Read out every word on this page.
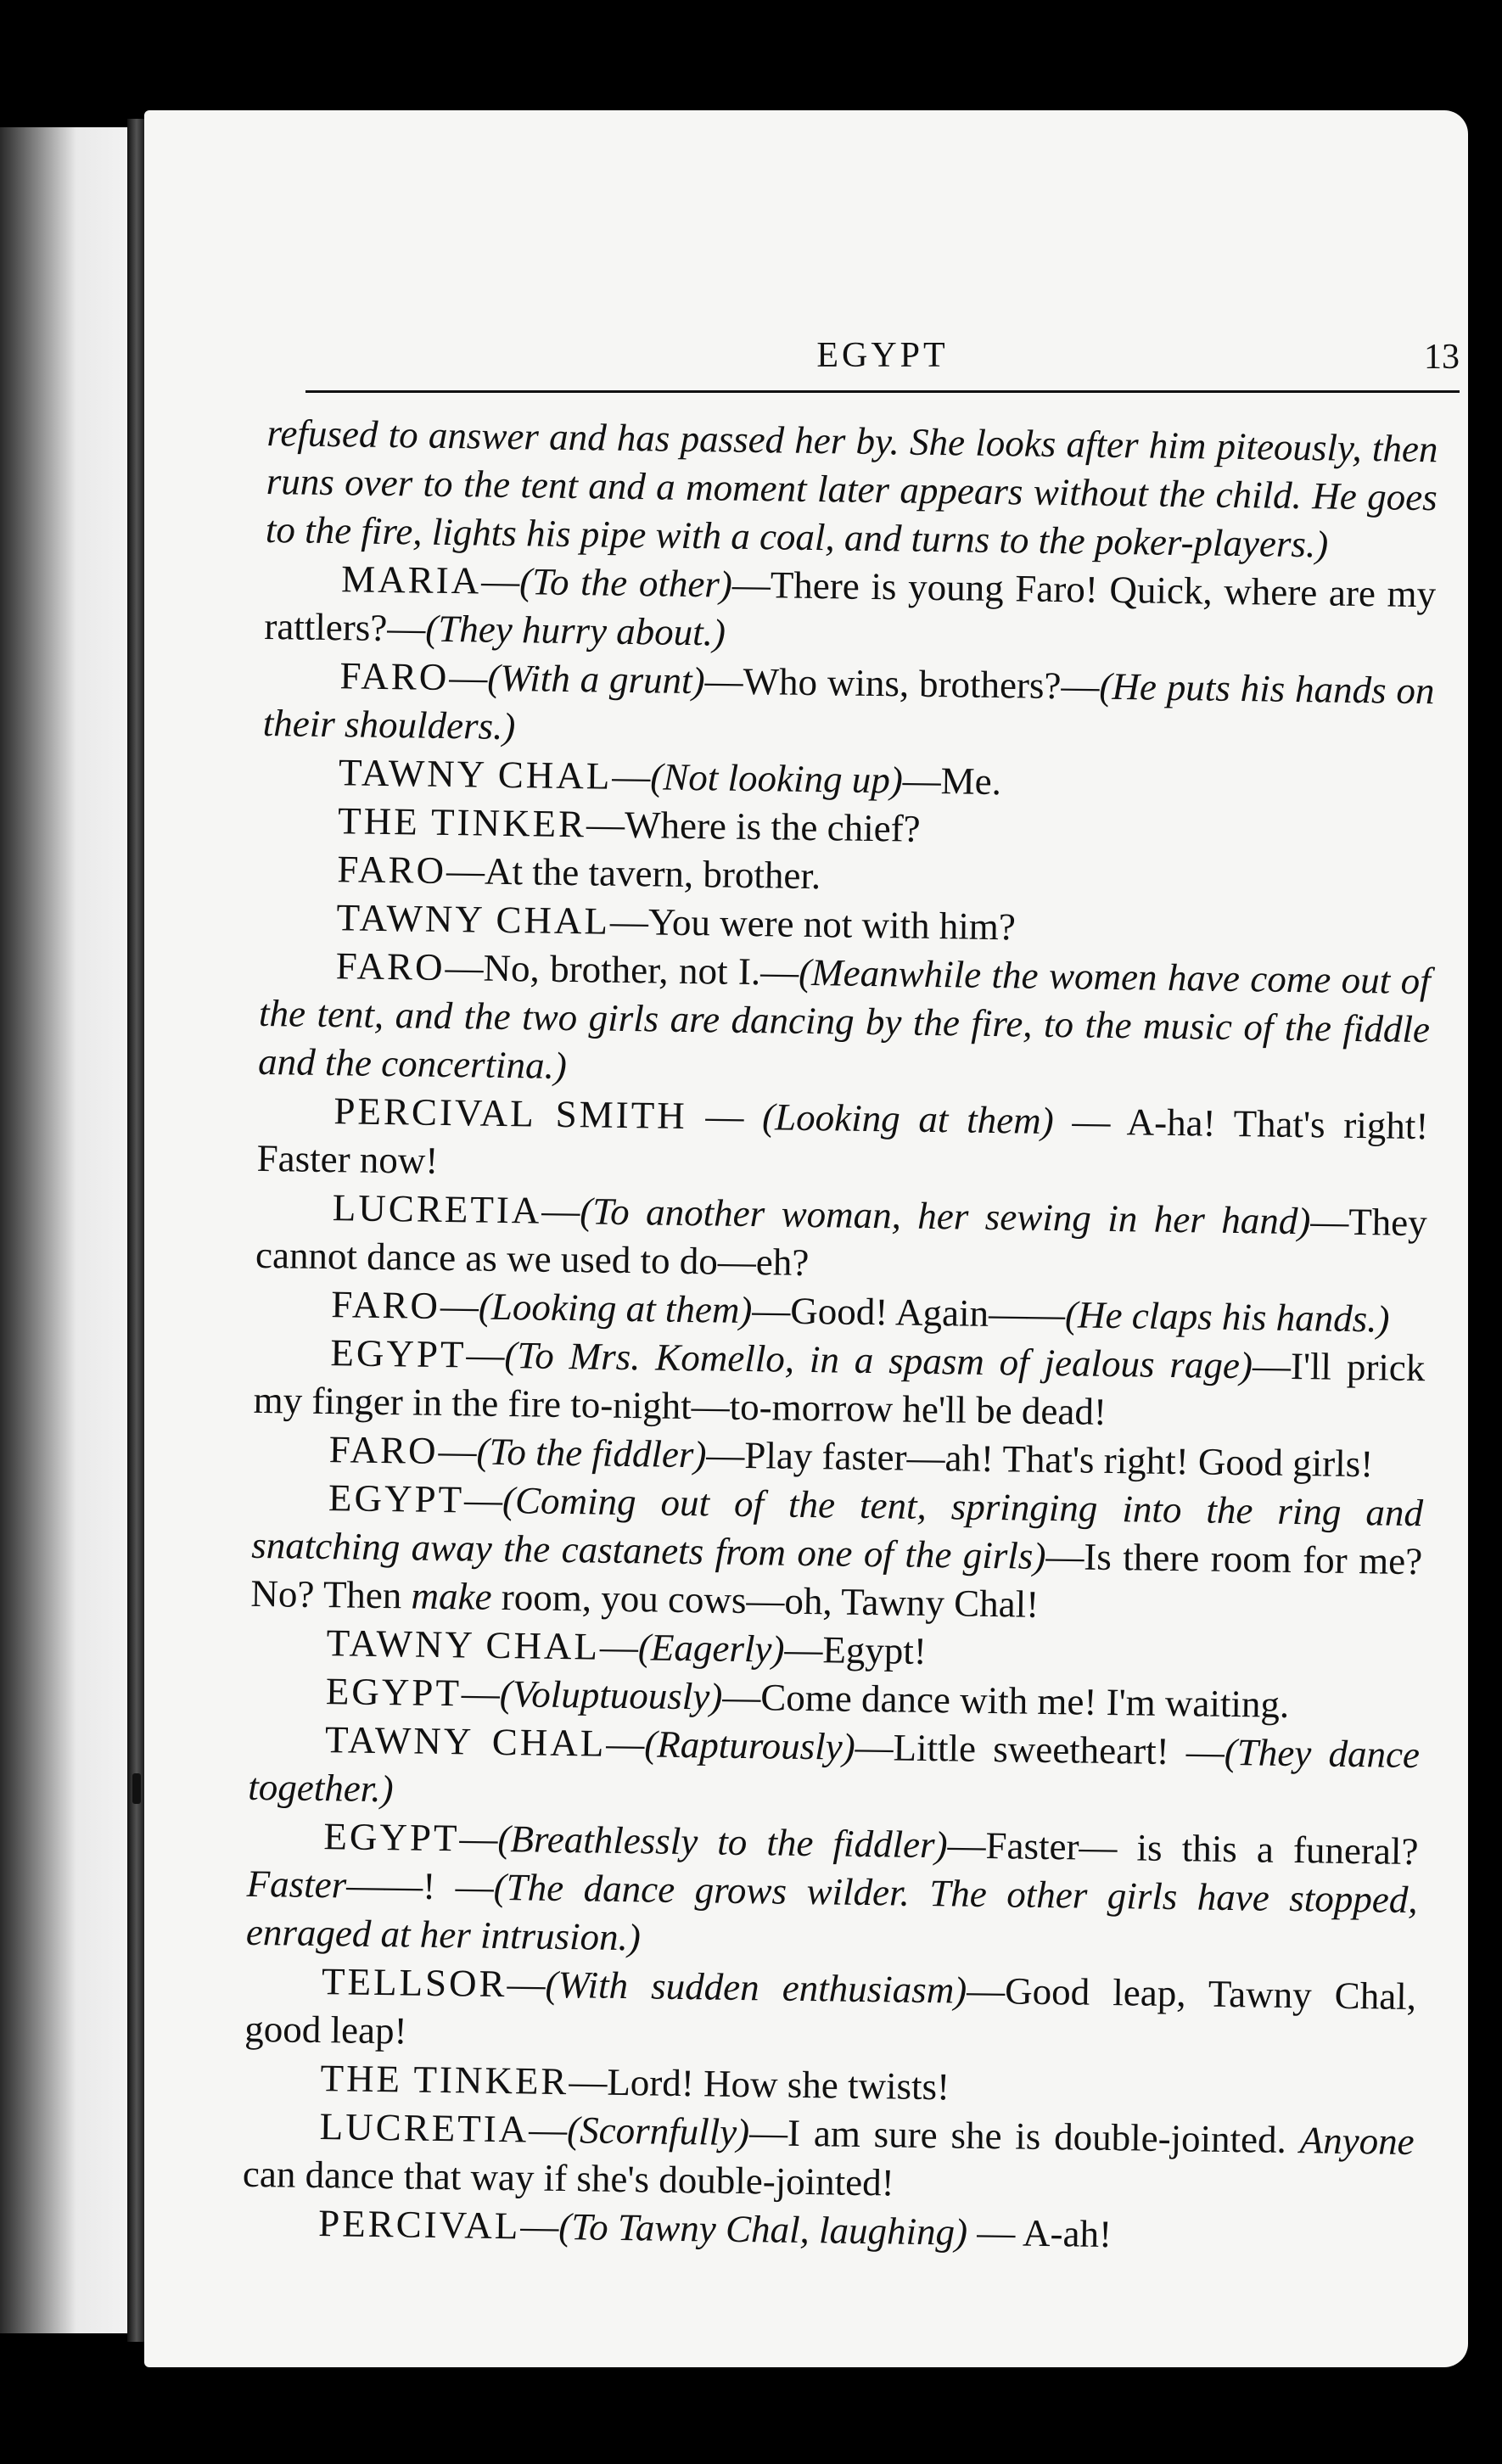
EGYPT	13

refused to answer and has passed her by. She looks after him piteously, then runs over to the tent and a moment later appears without the child. He goes to the fire, lights his pipe with a coal, and turns to the poker-players.)

MARIA—(To the other)—There is young Faro! Quick, where are my rattlers?—(They hurry about.)

FARO—(With a grunt)—Who wins, brothers?—(He puts his hands on their shoulders.)

TAWNY CHAL—(Not looking up)—Me.

THE TINKER—Where is the chief?

FARO—At the tavern, brother.

TAWNY CHAL—You were not with him?

FARO—No, brother, not I.—(Meanwhile the women have come out of the tent, and the two girls are dancing by the fire, to the music of the fiddle and the concertina.)

PERCIVAL SMITH — (Looking at them) — A-ha! That's right! Faster now!

LUCRETIA—(To another woman, her sewing in her hand)—They cannot dance as we used to do—eh?

FARO—(Looking at them)—Good! Again——(He claps his hands.)

EGYPT—(To Mrs. Komello, in a spasm of jealous rage)—I'll prick my finger in the fire to-night—to-morrow he'll be dead!

FARO—(To the fiddler)—Play faster—ah! That's right! Good girls!

EGYPT—(Coming out of the tent, springing into the ring and snatching away the castanets from one of the girls)—Is there room for me? No? Then make room, you cows—oh, Tawny Chal!

TAWNY CHAL—(Eagerly)—Egypt!

EGYPT—(Voluptuously)—Come dance with me! I'm waiting.

TAWNY CHAL—(Rapturously)—Little sweetheart! —(They dance together.)

EGYPT—(Breathlessly to the fiddler)—Faster— is this a funeral? Faster——! —(The dance grows wilder. The other girls have stopped, enraged at her intrusion.)

TELLSOR—(With sudden enthusiasm)—Good leap, Tawny Chal, good leap!

THE TINKER—Lord! How she twists!

LUCRETIA—(Scornfully)—I am sure she is double-jointed. Anyone can dance that way if she's double-jointed!

PERCIVAL—(To Tawny Chal, laughing) — A-ah!
